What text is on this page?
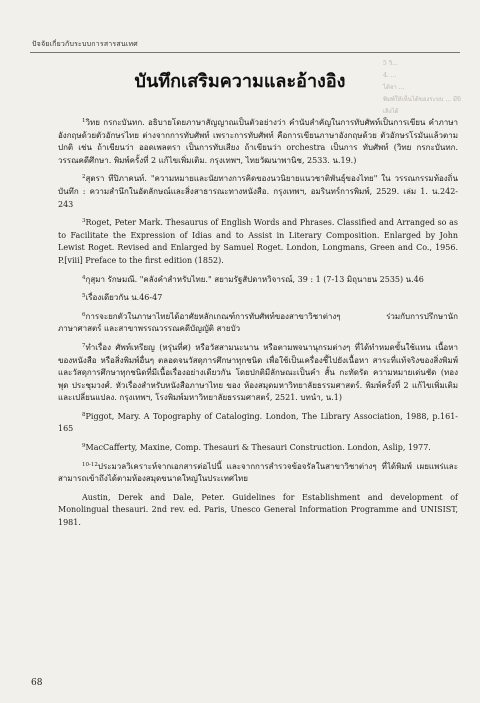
ปัจจัยเกี่ยวกับระบบการสารสนเทศ
5 วิ...
4. ...
ได้จา ...
พิมพ์ให้เห็นได้ของระบบ ... มีบิเลิงได้
บันทึกเสริมความและอ้างอิง

$^1$วิทย กรกะบันทก. อธิบายโดยภาษาสัญญาณเป็นตัวอย่างว่า คำนับสำคัญในการทับศัพท์เป็นการเขียน คำภาษาอังกฤษด้วยตัวอักษรไทย ต่างจากการทับศัพท์ เพราะการทับศัพท์ คือการเขียนภาษาอังกฤษด้วย ตัวอักษรโรมันแล้วตามปกติ เช่น ถ้าเขียนว่า ออดเพลตรา เป็นการทับเสียง ถ้าเขียนว่า orchestra เป็นการ ทับศัพท์ (วิทย กรกะบันทก. วรรณคดีศึกษา. พิมพ์ครั้งที่ 2 แก้ไขเพิ่มเติม. กรุงเทพฯ, ไทยวัฒนาพานิช, 2533. น.19.)

$^2$สุตรา ทีปิภาคนท์. "ความหมายและนัยทางการคิดของนวนิยายแนวชาติพันธุ์ของไทย" ใน วรรณกรรมท้องถิ่นบันทึก : ความสำนึกในอัตลักษณ์และสิ่งสาธารณะทางหนังสือ. กรุงเทพฯ, อมรินทร์การพิมพ์, 2529. เล่ม 1. น.242-243

$^3$Roget, Peter Mark. Thesaurus of English Words and Phrases. Classified and Arranged so as to Facilitate the Expression of Idias and to Assist in Literary Composition. Enlarged by John Lewist Roget. Revised and Enlarged by Samuel Roget. London, Longmans, Green and Co., 1956. P.[viii] Preface to the first edition (1852).

$^4$กุสุมา รักษมณี. "คลังคำสำหรับไทย." สยามรัฐสัปดาหวิจารณ์, 39 : 1 (7-13 มิถุนายน 2535) น.46

$^5$เรื่องเดียวกัน น.46-47

$^6$การจะยกตัวในภาษาไทยได้อาศัยหลักเกณฑ์การทับศัพท์ของสาขาวิชาต่างๆ ร่วมกับการปรึกษานักภาษาศาสตร์ และสาขาพรรณวรรณคดีบัญญัติ สายบัว

$^7$ทำเรื่อง ศัพท์เหรียญ (หรุ่นที่ศ) หรือวัสสามนะนาน หรือตามพจนานุกรมต่างๆ ที่ได้ทำหมดขั้นใช้แทน เนื้อหาของหนังสือ หรือสิ่งพิมพ์อื่นๆ ตลอดจนวัสดุการศึกษาทุกชนิด เพื่อใช้เป็นเครื่องชี้ไปยังเนื้อหา สาระที่แท้จริงของสิ่งพิมพ์และวัสดุการศึกษาทุกชนิดที่มีเนื้อเรื่องอย่างเดียวกัน โดยปกติมีลักษณะเป็นคำ สั้น กะทัดรัด ความหมายเด่นชัด (ทองพุด ประชุมวงศ์. หัวเรื่องสำหรับหนังสือภาษาไทย ของ ห้องสมุดมหาวิทยาลัยธรรมศาสตร์. พิมพ์ครั้งที่ 2 แก้ไขเพิ่มเติมและเปลี่ยนแปลง. กรุงเทพฯ, โรงพิมพ์มหาวิทยาลัยธรรมศาสตร์, 2521. บทนำ, น.1)

$^8$Piggot, Mary. A Topography of Cataloging. London, The Library Association, 1988, p.161-165

$^9$MacCafferty, Maxine, Comp. Thesauri & Thesauri Construction. London, Aslip, 1977.

$^{10-12}$ประมวลวิเคราะห์จากเอกสารต่อไปนี้ และจากการสำรวจข้อจรัลในสาขาวิชาต่างๆ ที่ได้พิมพ์ เผยแพร่และสามารถเข้าถึงได้ตามห้องสมุดขนาดใหญ่ในประเทศไทย

Austin, Derek and Dale, Peter. Guidelines for Establishment and development of Monolingual thesauri. 2nd rev. ed. Paris, Unesco General Information Programme and UNISIST, 1981.

68
